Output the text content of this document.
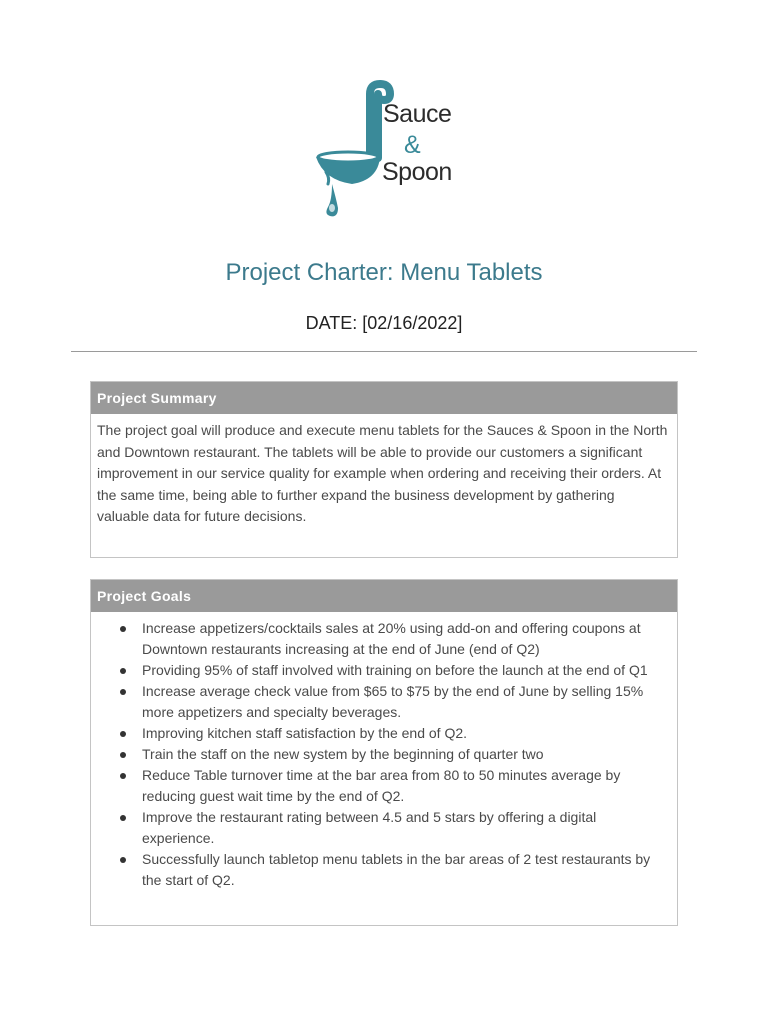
Sauce
&
Spoon
Project Charter: Menu Tablets
DATE: [02/16/2022]
Project Summary
The project goal will produce and execute menu tablets for the Sauces & Spoon in the North and Downtown restaurant. The tablets will be able to provide our customers a significant improvement in our service quality for example when ordering and receiving their orders. At the same time, being able to further expand the business development by gathering valuable data for future decisions.
Project Goals
Increase appetizers/cocktails sales at 20% using add-on and offering coupons at Downtown restaurants increasing at the end of June (end of Q2)
Providing 95% of staff involved with training on before the launch at the end of Q1
Increase average check value from $65 to $75 by the end of June by selling 15% more appetizers and specialty beverages.
Improving kitchen staff satisfaction by the end of Q2.
Train the staff on the new system by the beginning of quarter two
Reduce Table turnover time at the bar area from 80 to 50 minutes average by reducing guest wait time by the end of Q2.
Improve the restaurant rating between 4.5 and 5 stars by offering a digital experience.
Successfully launch tabletop menu tablets in the bar areas of 2 test restaurants by the start of Q2.
